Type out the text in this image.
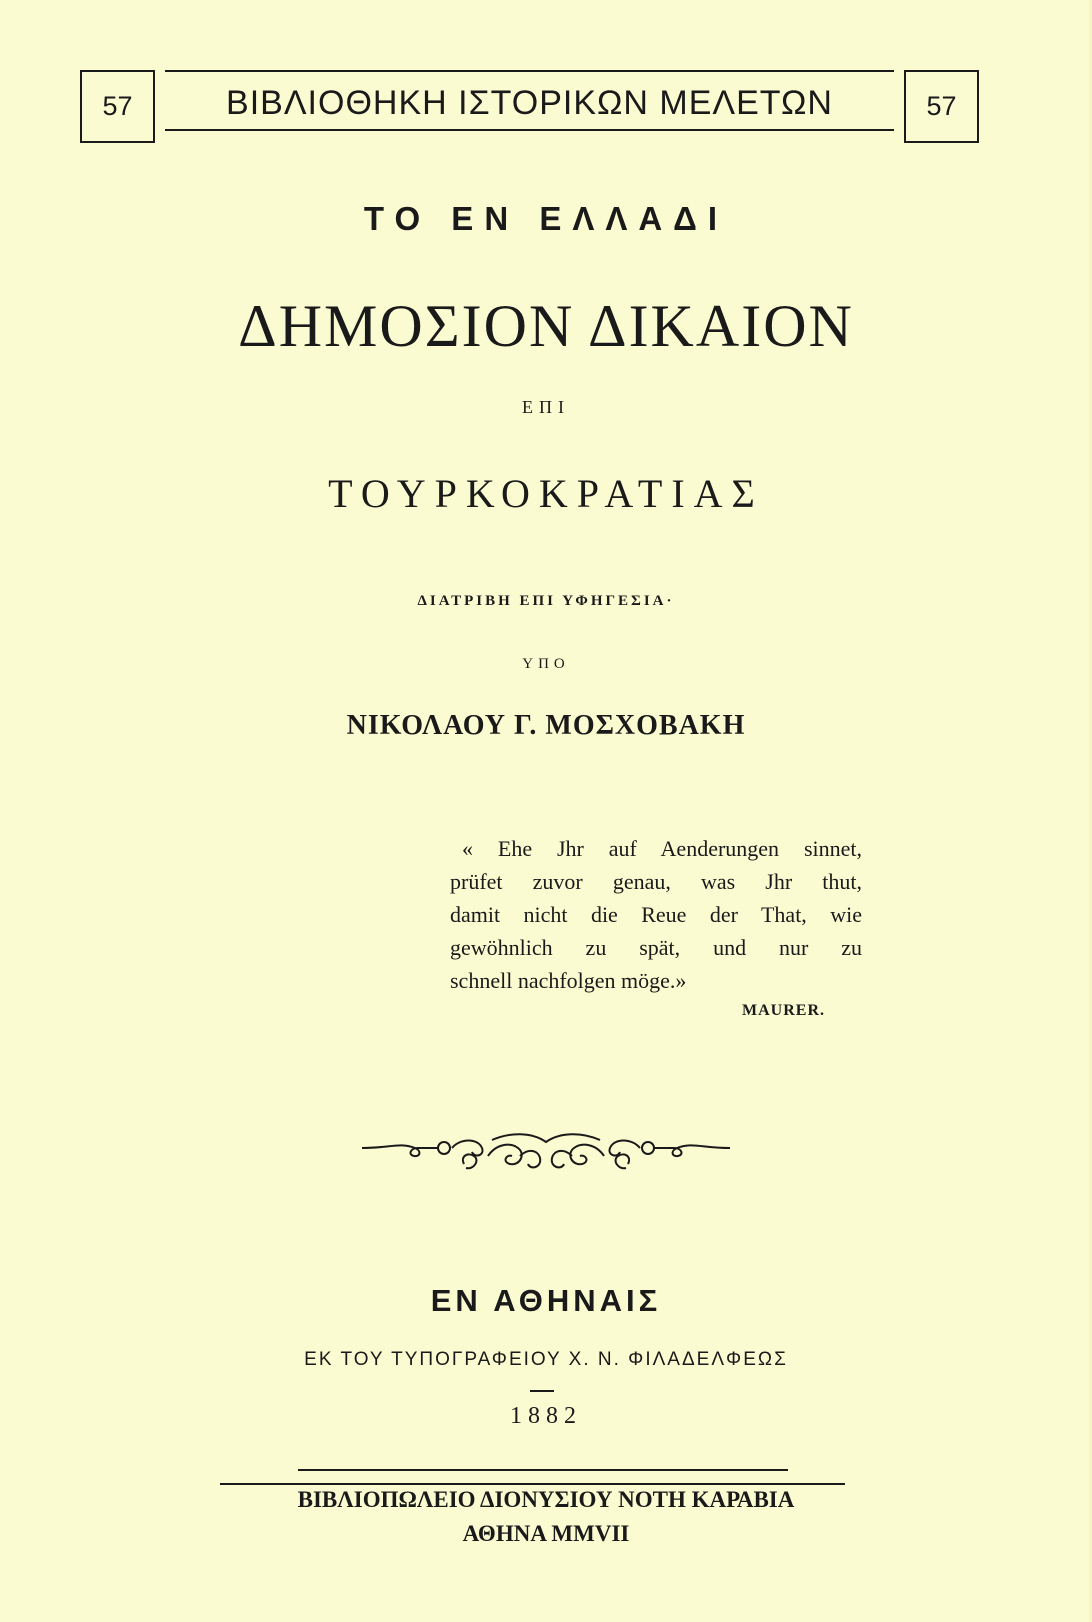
57	ΒΙΒΛΙΟΘΗΚΗ ΙΣΤΟΡΙΚΩΝ ΜΕΛΕΤΩΝ	57
ΤΟ ΕΝ ΕΛΛΑΔΙ
ΔΗΜΟΣΙΟΝ ΔΙΚΑΙΟΝ
ΕΠΙ
ΤΟΥΡΚΟΚΡΑΤΙΑΣ
ΔΙΑΤΡΙΒΗ ΕΠΙ ΥΦΗΓΕΣΙΑ·
ΥΠΟ
ΝΙΚΟΛΑΟΥ Γ. ΜΟΣΧΟΒΑΚΗ
« Ehe Jhr auf Aenderungen sinnet,
prüfet zuvor genau, was Jhr thut,
damit nicht die Reue der That, wie
gewöhnlich zu spät, und nur zu
schnell nachfolgen möge.»
MAURER.
ΕΝ ΑΘΗΝΑΙΣ
ΕΚ ΤΟΥ ΤΥΠΟΓΡΑΦΕΙΟΥ Χ. Ν. ΦΙΛΑΔΕΛΦΕΩΣ
1882
ΒΙΒΛΙΟΠΩΛΕΙΟ ΔΙΟΝΥΣΙΟΥ ΝΟΤΗ ΚΑΡΑΒΙΑ
ΑΘΗΝΑ MMVII
